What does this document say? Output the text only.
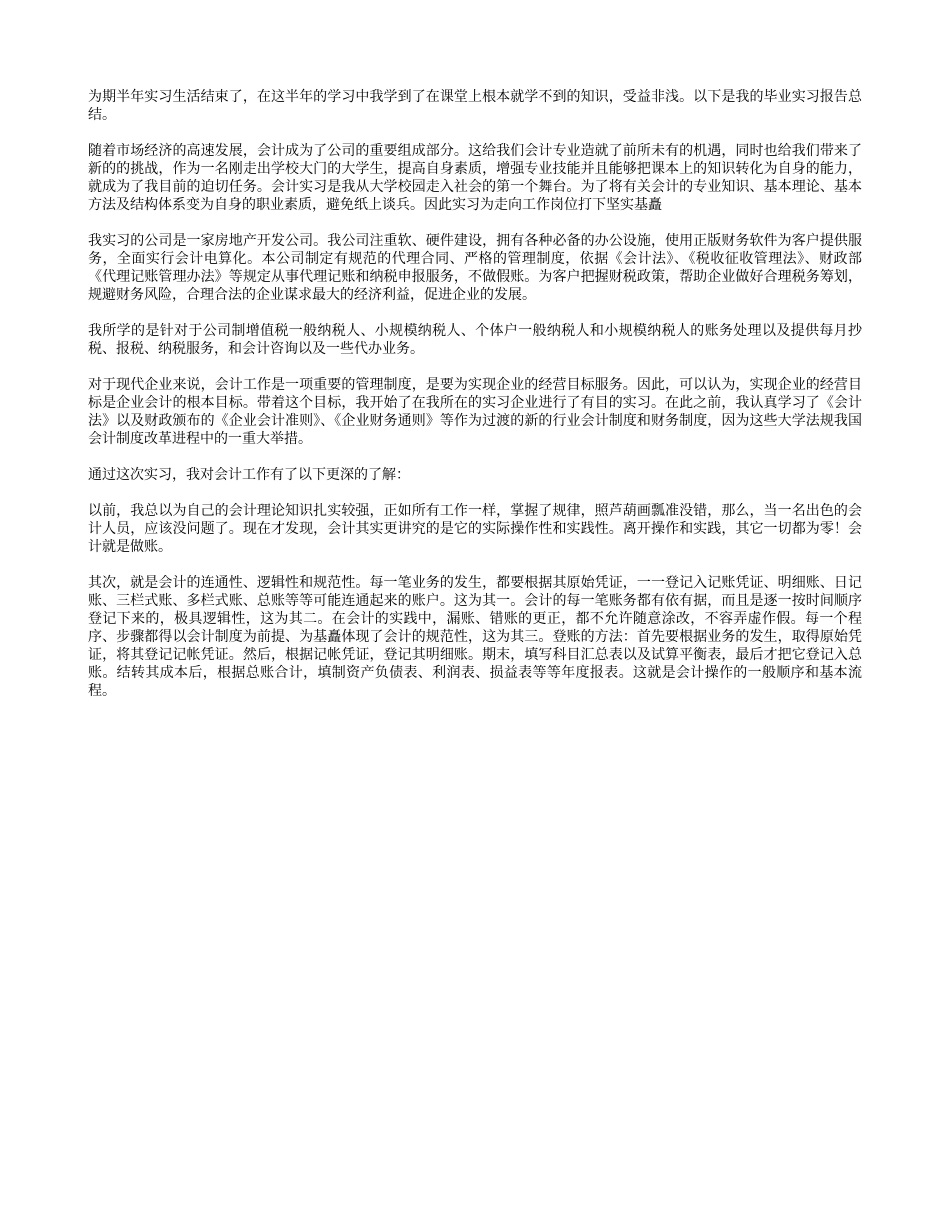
为期半年实习生活结束了，在这半年的学习中我学到了在课堂上根本就学不到的知识，受益非浅。以下是我的毕业实习报告总结。

随着市场经济的高速发展，会计成为了公司的重要组成部分。这给我们会计专业造就了前所未有的机遇，同时也给我们带来了新的的挑战，作为一名刚走出学校大门的大学生，提高自身素质，增强专业技能并且能够把课本上的知识转化为自身的能力，就成为了我目前的迫切任务。会计实习是我从大学校园走入社会的第一个舞台。为了将有关会计的专业知识、基本理论、基本方法及结构体系变为自身的职业素质，避免纸上谈兵。因此实习为走向工作岗位打下坚实基矗

我实习的公司是一家房地产开发公司。我公司注重软、硬件建设，拥有各种必备的办公设施，使用正版财务软件为客户提供服务，全面实行会计电算化。本公司制定有规范的代理合同、严格的管理制度，依据《会计法》、《税收征收管理法》、财政部《代理记账管理办法》等规定从事代理记账和纳税申报服务，不做假账。为客户把握财税政策，帮助企业做好合理税务筹划，规避财务风险，合理合法的企业谋求最大的经济利益，促进企业的发展。

我所学的是针对于公司制增值税一般纳税人、小规模纳税人、个体户一般纳税人和小规模纳税人的账务处理以及提供每月抄税、报税、纳税服务，和会计咨询以及一些代办业务。

对于现代企业来说，会计工作是一项重要的管理制度，是要为实现企业的经营目标服务。因此，可以认为，实现企业的经营目标是企业会计的根本目标。带着这个目标，我开始了在我所在的实习企业进行了有目的实习。在此之前，我认真学习了《会计法》以及财政颁布的《企业会计准则》、《企业财务通则》等作为过渡的新的行业会计制度和财务制度，因为这些大学法规我国会计制度改革进程中的一重大举措。

通过这次实习，我对会计工作有了以下更深的了解：

以前，我总以为自己的会计理论知识扎实较强，正如所有工作一样，掌握了规律，照芦葫画瓢准没错，那么，当一名出色的会计人员，应该没问题了。现在才发现，会计其实更讲究的是它的实际操作性和实践性。离开操作和实践，其它一切都为零！会计就是做账。

其次，就是会计的连通性、逻辑性和规范性。每一笔业务的发生，都要根据其原始凭证，一一登记入记账凭证、明细账、日记账、三栏式账、多栏式账、总账等等可能连通起来的账户。这为其一。会计的每一笔账务都有依有据，而且是逐一按时间顺序登记下来的，极具逻辑性，这为其二。在会计的实践中，漏账、错账的更正，都不允许随意涂改，不容弄虚作假。每一个程序、步骤都得以会计制度为前提、为基矗体现了会计的规范性，这为其三。登账的方法：首先要根据业务的发生，取得原始凭证，将其登记记帐凭证。然后，根据记帐凭证，登记其明细账。期末，填写科目汇总表以及试算平衡表，最后才把它登记入总账。结转其成本后，根据总账合计，填制资产负债表、利润表、损益表等等年度报表。这就是会计操作的一般顺序和基本流程。
